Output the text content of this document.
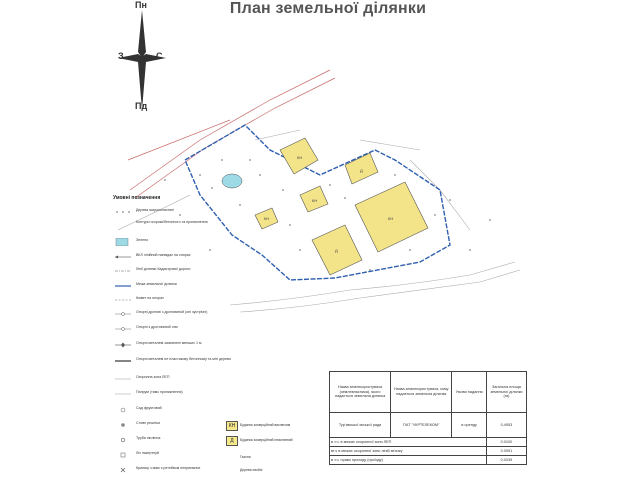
План земельної ділянки
Пн
Пд
З	С
КН
Д
КН
КН
Д
КН
Умовні позначення
Дерева широколистяні
Контури огорожі/бетонного та проникнення
Зелено
ВКЛ лінійний напівдах на спорах
Лінії ділянки Кадастрової дороги
Межа земельної ділянки
Кювет на опорах
Опорні дротові з дротовиной (опі зустрічні)
Опорні з дротовиной опи
Опорні металеві заземлені менших 1 м
Опорні металеві не пластикову бетонному та міті дерево
Охоронна зона ЛЕП
Пилрум (тимс проникнення)
Сад фруктовий
Стовп решітки
Труба піплінна
Ліх накертнуй
Криниці з маю з ретейвом неприємних
КН	Будинок комерційний виключим
Д	Будинок комерційний неактивний
Газони
Дерева хвойні
Назва землекористувача (землевласника), якого надається земельна ділянка	Назва землекористувача, кому надається земельна ділянка	Умови надання	Загальна площа земельної ділянки (га)
Тур'явської міської ради	ПАТ "УКРТЕЛЕКОМ"	в оренду	0,4953
в т.ч. в межах охоронної зони ЛЕП			0.0100
вт.ч в межах охоронної зони ліній зв'язку			0.0091
в т.ч. право проходу (проїзду)			0.0039
